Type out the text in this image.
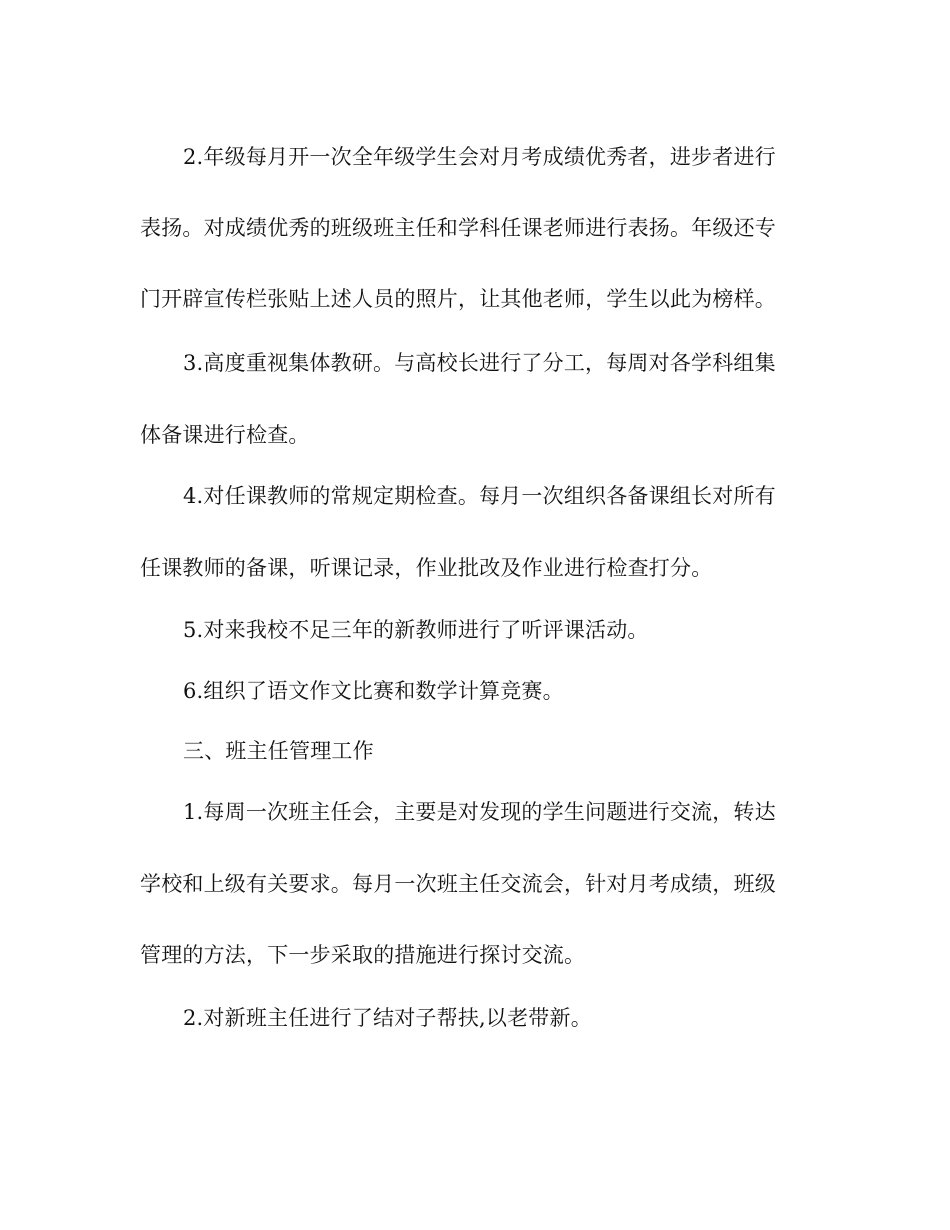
2.年级每月开一次全年级学生会对月考成绩优秀者，进步者进行
表扬。对成绩优秀的班级班主任和学科任课老师进行表扬。年级还专
门开辟宣传栏张贴上述人员的照片，让其他老师，学生以此为榜样。
3.高度重视集体教研。与高校长进行了分工，每周对各学科组集
体备课进行检查。
4.对任课教师的常规定期检查。每月一次组织各备课组长对所有
任课教师的备课，听课记录，作业批改及作业进行检查打分。
5.对来我校不足三年的新教师进行了听评课活动。
6.组织了语文作文比赛和数学计算竞赛。
三、班主任管理工作
1.每周一次班主任会，主要是对发现的学生问题进行交流，转达
学校和上级有关要求。每月一次班主任交流会，针对月考成绩，班级
管理的方法，下一步采取的措施进行探讨交流。
2.对新班主任进行了结对子帮扶,以老带新。
